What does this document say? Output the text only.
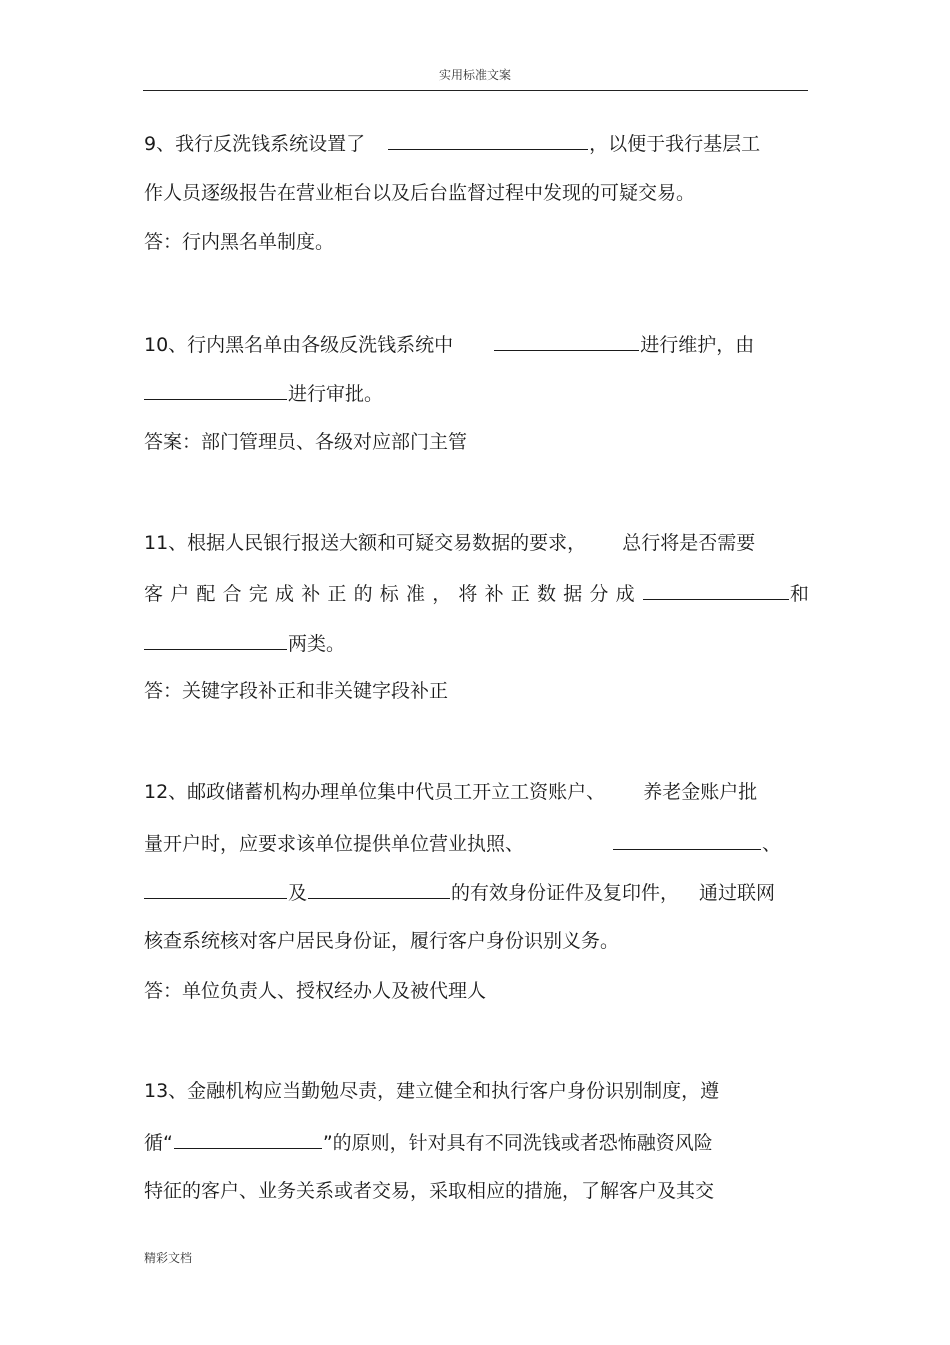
实用标准文案
9、我行反洗钱系统设置了	，以便于我行基层工
作人员逐级报告在营业柜台以及后台监督过程中发现的可疑交易。
答：行内黑名单制度。
10、行内黑名单由各级反洗钱系统中	进行维护，由
进行审批。
答案：部门管理员、各级对应部门主管
11、根据人民银行报送大额和可疑交易数据的要求， 总行将是否需要
客户配合完成补正的标准，将补正数据分成	和
两类。
答：关键字段补正和非关键字段补正
12、邮政储蓄机构办理单位集中代员工开立工资账户、 养老金账户批
量开户时，应要求该单位提供单位营业执照、	、
及	的有效身份证件及复印件， 通过联网
核查系统核对客户居民身份证，履行客户身份识别义务。
答：单位负责人、授权经办人及被代理人
13、金融机构应当勤勉尽责，建立健全和执行客户身份识别制度，遵
循“	”的原则，针对具有不同洗钱或者恐怖融资风险
特征的客户、业务关系或者交易，采取相应的措施，了解客户及其交
精彩文档
